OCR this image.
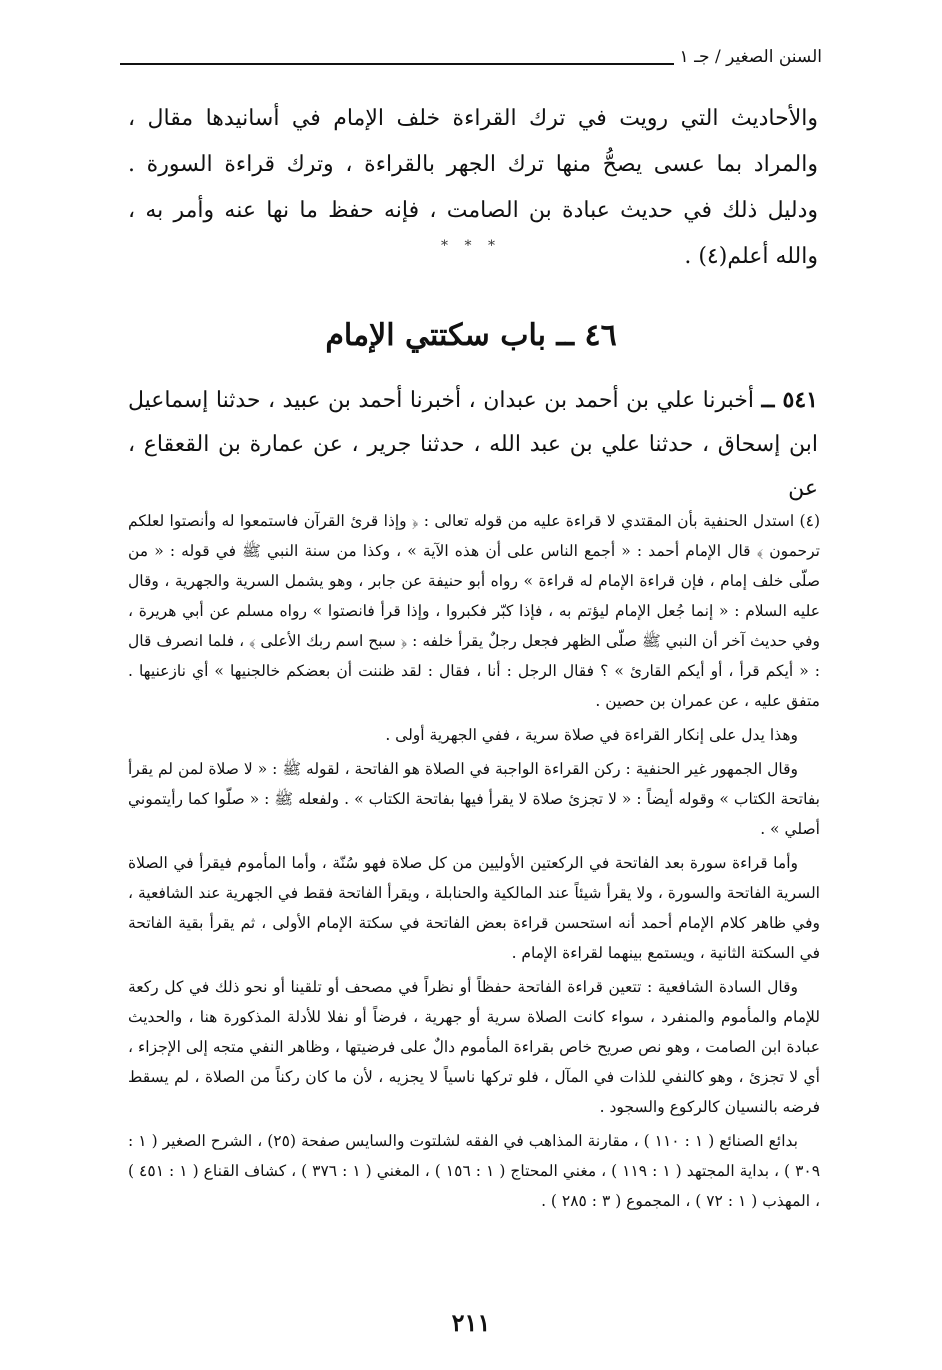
السنن الصغير / جـ ١

والأحاديث التي رويت في ترك القراءة خلف الإمام في أسانيدها مقال ، والمراد بما عسى يصحُّ منها ترك الجهر بالقراءة ، وترك قراءة السورة . ودليل ذلك في حديث عبادة بن الصامت ، فإنه حفظ ما نها عنه وأمر به ، والله أعلم(٤) .

* * *
٤٦ ــ باب سكتتي الإمام
٥٤١ ــ أخبرنا علي بن أحمد بن عبدان ، أخبرنا أحمد بن عبيد ، حدثنا إسماعيل ابن إسحاق ، حدثنا علي بن عبد الله ، حدثنا جرير ، عن عمارة بن القعقاع ، عن

(٤) استدل الحنفية بأن المقتدي لا قراءة عليه من قوله تعالى : ﴿ وإذا قرئ القرآن فاستمعوا له وأنصتوا لعلكم ترحمون ﴾ قال الإمام أحمد : « أجمع الناس على أن هذه الآية » ، وكذا من سنة النبي ﷺ في قوله : « من صلّى خلف إمام ، فإن قراءة الإمام له قراءة » رواه أبو حنيفة عن جابر ، وهو يشمل السرية والجهرية ، وقال عليه السلام : « إنما جُعل الإمام ليؤتم به ، فإذا كبّر فكبروا ، وإذا قرأ فانصتوا » رواه مسلم عن أبي هريرة ، وفي حديث آخر أن النبي ﷺ صلّى الظهر فجعل رجلٌ يقرأ خلفه : ﴿ سبح اسم ربك الأعلى ﴾ ، فلما انصرف قال : « أيكم قرأ ، أو أيكم القارئ » ؟ فقال الرجل : أنا ، فقال : لقد ظننت أن بعضكم خالجنيها » أي نازعنيها . متفق عليه ، عن عمران بن حصين .

وهذا يدل على إنكار القراءة في صلاة سرية ، ففي الجهرية أولى .

وقال الجمهور غير الحنفية : ركن القراءة الواجبة في الصلاة هو الفاتحة ، لقوله ﷺ : « لا صلاة لمن لم يقرأ بفاتحة الكتاب » وقوله أيضاً : « لا تجزئ صلاة لا يقرأ فيها بفاتحة الكتاب » . ولفعله ﷺ : « صلّوا كما رأيتموني أصلي » .

وأما قراءة سورة بعد الفاتحة في الركعتين الأوليين من كل صلاة فهو سُنّة ، وأما المأموم فيقرأ في الصلاة السرية الفاتحة والسورة ، ولا يقرأ شيئاً عند المالكية والحنابلة ، ويقرأ الفاتحة فقط في الجهرية عند الشافعية ، وفي ظاهر كلام الإمام أحمد أنه استحسن قراءة بعض الفاتحة في سكتة الإمام الأولى ، ثم يقرأ بقية الفاتحة في السكتة الثانية ، ويستمع بينهما لقراءة الإمام .

وقال السادة الشافعية : تتعين قراءة الفاتحة حفظاً أو نظراً في مصحف أو تلقينا أو نحو ذلك في كل ركعة للإمام والمأموم والمنفرد ، سواء كانت الصلاة سرية أو جهرية ، فرضاً أو نفلا للأدلة المذكورة هنا ، والحديث عبادة ابن الصامت ، وهو نص صريح خاص بقراءة المأموم دالٌ على فرضيتها ، وظاهر النفي متجه إلى الإجزاء ، أي لا تجزئ ، وهو كالنفي للذات في المآل ، فلو تركها ناسياً لا يجزيه ، لأن ما كان ركناً من الصلاة ، لم يسقط فرضه بالنسيان كالركوع والسجود .

بدائع الصنائع ( ١ : ١١٠ ) ، مقارنة المذاهب في الفقه لشلتوت والسايس صفحة (٢٥) ، الشرح الصغير ( ١ : ٣٠٩ ) ، بداية المجتهد ( ١ : ١١٩ ) ، مغني المحتاج ( ١ : ١٥٦ ) ، المغني ( ١ : ٣٧٦ ) ، كشاف القناع ( ١ : ٤٥١ ) ، المهذب ( ١ : ٧٢ ) ، المجموع ( ٣ : ٢٨٥ ) .

٢١١
